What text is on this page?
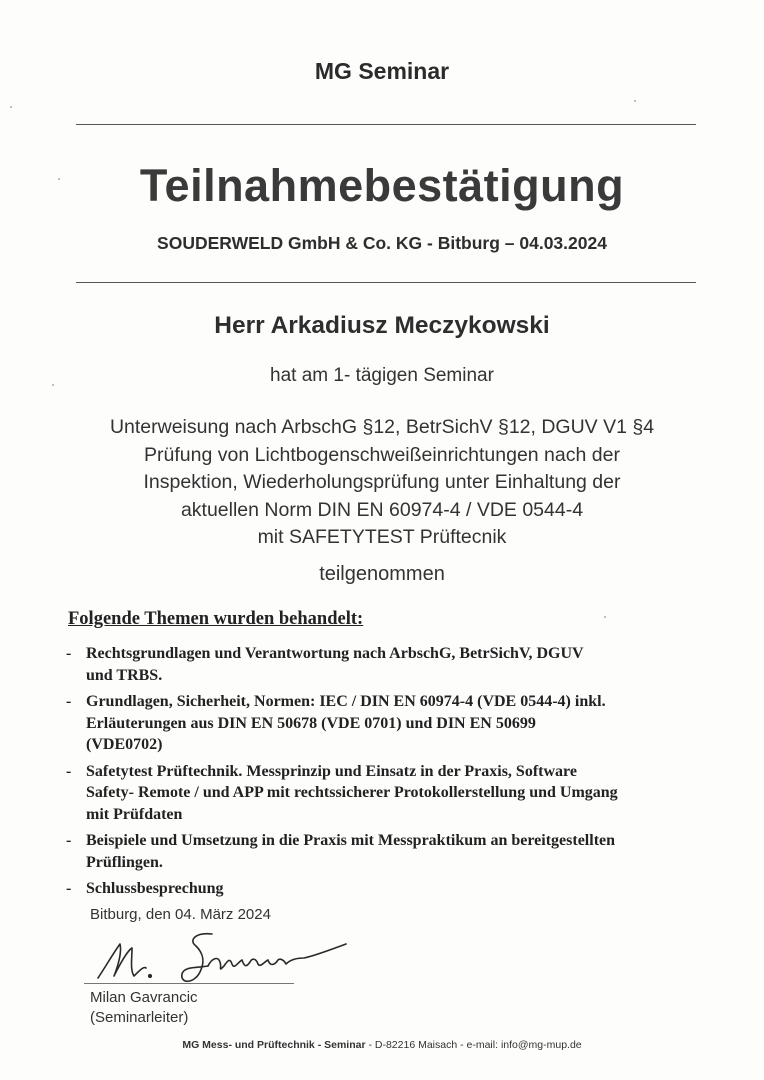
MG Seminar
Teilnahmebestätigung
SOUDERWELD GmbH & Co. KG - Bitburg – 04.03.2024
Herr Arkadiusz Meczykowski
hat am 1- tägigen Seminar
Unterweisung nach ArbschG §12, BetrSichV §12, DGUV V1 §4
Prüfung von Lichtbogenschweißeinrichtungen nach der
Inspektion, Wiederholungsprüfung unter Einhaltung der
aktuellen Norm DIN EN 60974-4 / VDE 0544-4
mit SAFETYTEST Prüftecnik
teilgenommen
Folgende Themen wurden behandelt:
- Rechtsgrundlagen und Verantwortung nach ArbschG, BetrSichV, DGUV
und TRBS.
- Grundlagen, Sicherheit, Normen: IEC / DIN EN 60974-4 (VDE 0544-4) inkl.
Erläuterungen aus DIN EN 50678 (VDE 0701) und DIN EN 50699
(VDE0702)
- Safetytest Prüftechnik. Messprinzip und Einsatz in der Praxis, Software
Safety- Remote / und APP mit rechtssicherer Protokollerstellung und Umgang
mit Prüfdaten
- Beispiele und Umsetzung in die Praxis mit Messpraktikum an bereitgestellten
Prüflingen.
- Schlussbesprechung
Bitburg, den 04. März 2024
Milan Gavrancic
(Seminarleiter)
MG Mess- und Prüftechnik - Seminar - D-82216 Maisach - e-mail: info@mg-mup.de
